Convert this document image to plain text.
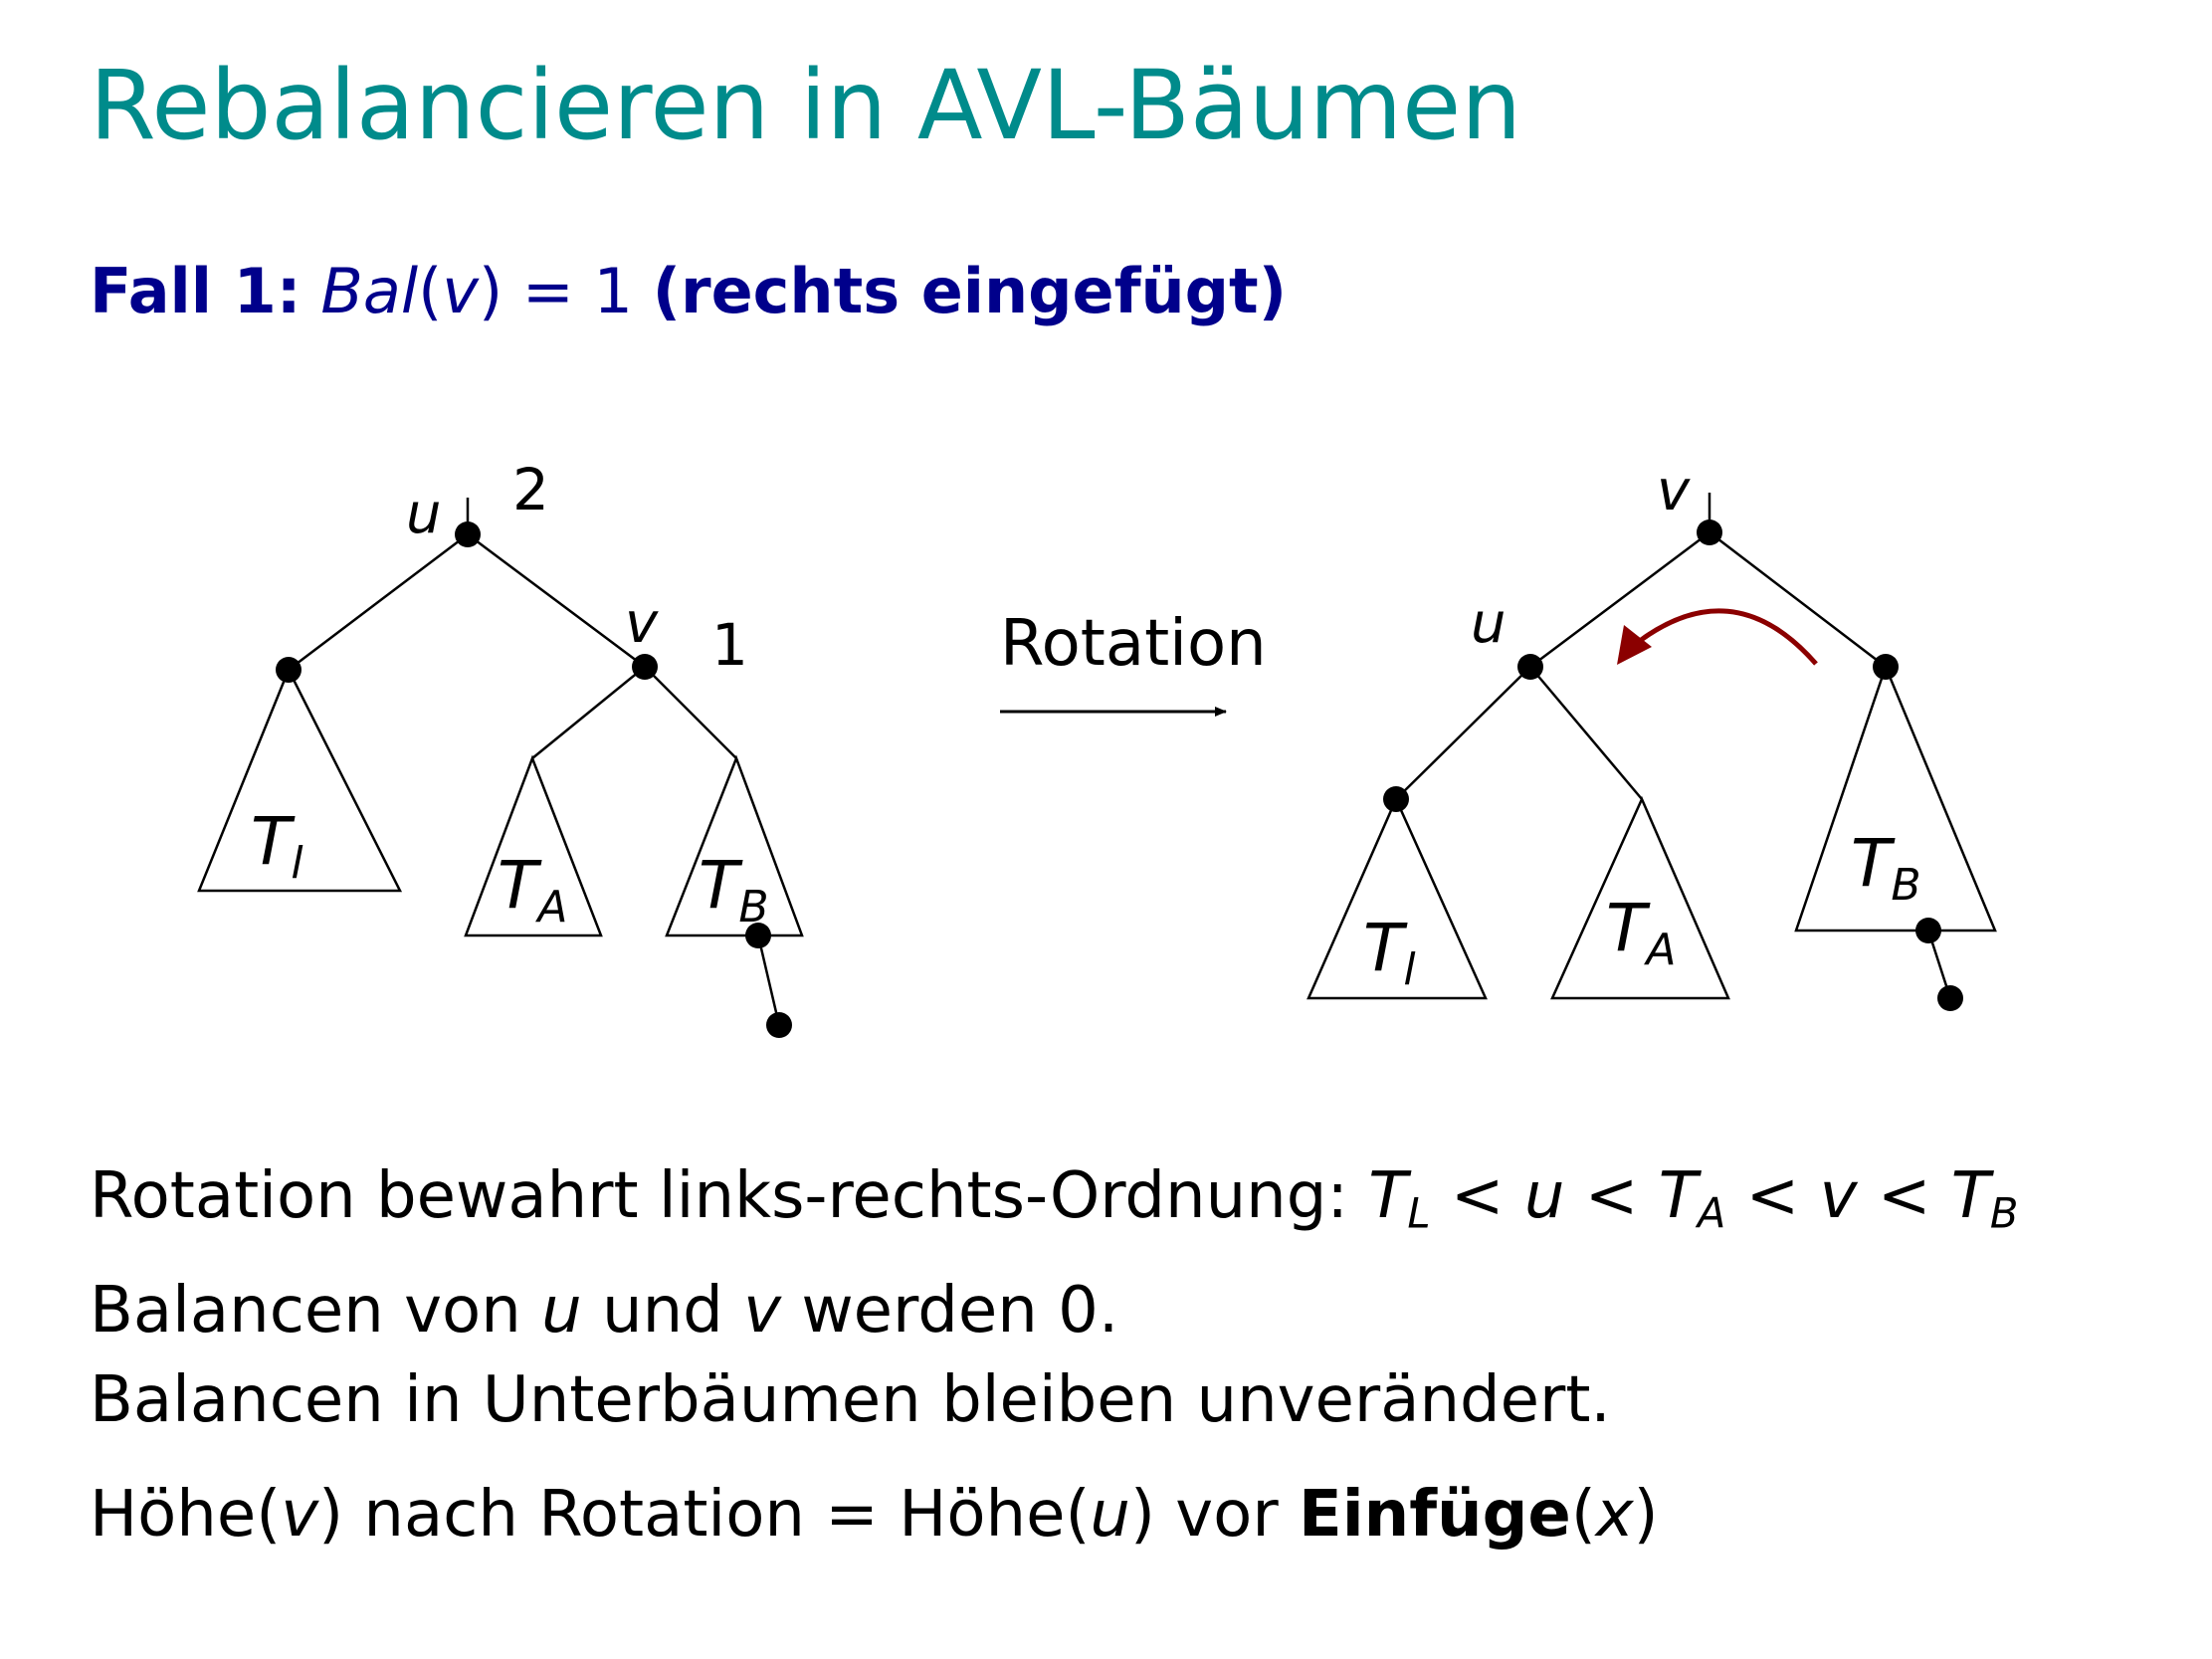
Rebalancieren in AVL-Bäumen
Fall 1: Bal(v) = 1 (rechts eingefügt)
u 2
v 1
$T_l$	$T_A$ $T_B$
Rotation
v
u
$T_l$
$T_A$
$T_B$
Rotation bewahrt links-rechts-Ordnung: $T_L < u < T_A < v < T_B$
Balancen von u und v werden 0.
Balancen in Unterbäumen bleiben unverändert.
Höhe(v) nach Rotation = Höhe(u) vor Einfüge(x)
